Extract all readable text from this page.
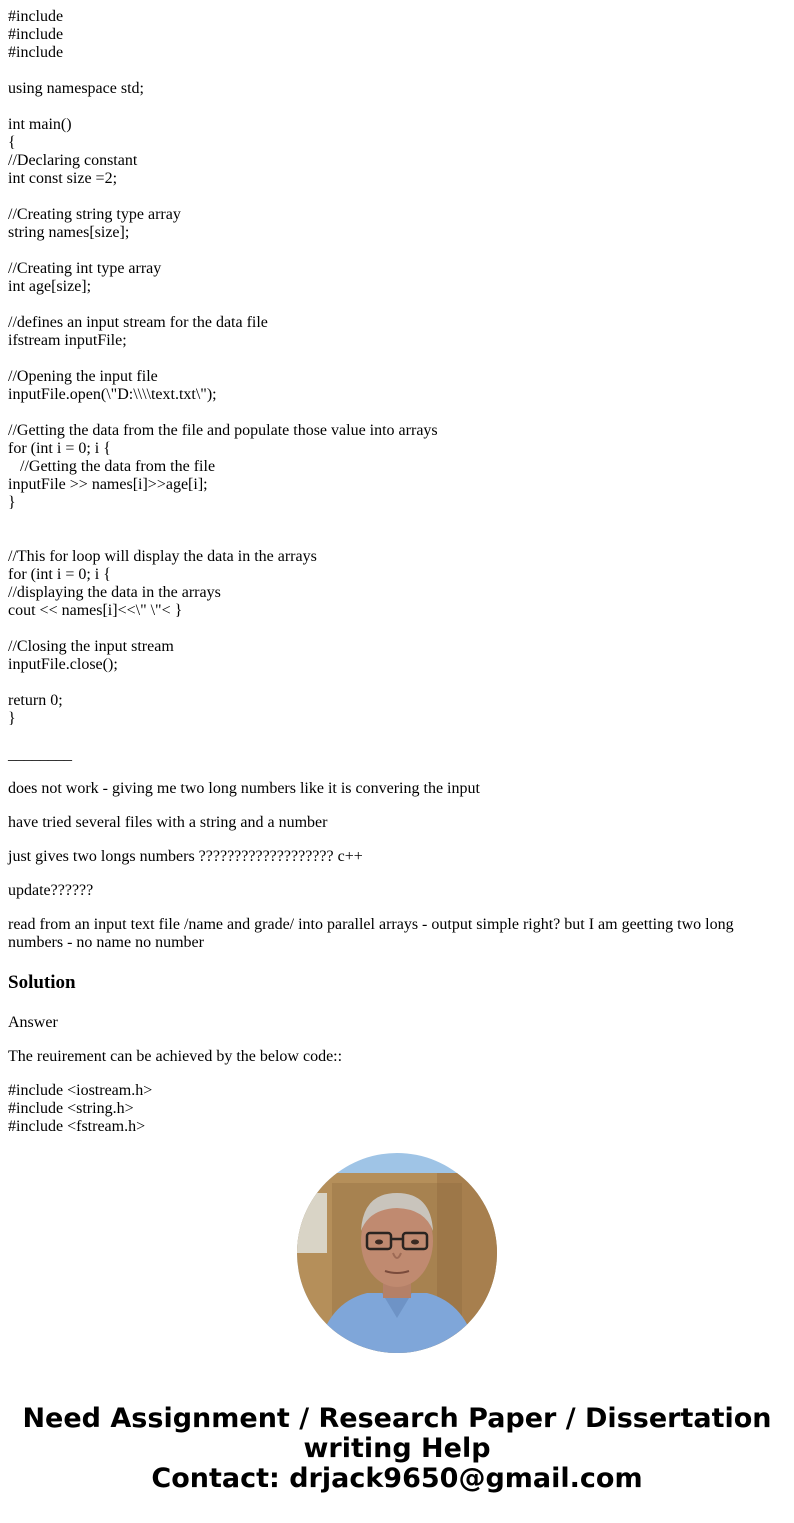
#include
#include
#include
using namespace std;
int main()
{
//Declaring constant
int const size =2;
//Creating string type array
string names[size];
//Creating int type array
int age[size];
//defines an input stream for the data file
ifstream inputFile;
//Opening the input file
inputFile.open(\"D:\\\\text.txt\");
//Getting the data from the file and populate those value into arrays
for (int i = 0; i {
//Getting the data from the file
inputFile >> names[i]>>age[i];
}
//This for loop will display the data in the arrays
for (int i = 0; i {
//displaying the data in the arrays
cout << names[i]<<\" \"< }
//Closing the input stream
inputFile.close();
return 0;
}
________
does not work - giving me two long numbers like it is convering the input
have tried several files with a string and a number
just gives two longs numbers ??????????????????? c++
update??????
read from an input text file /name and grade/ into parallel arrays - output simple right? but I am geetting two long numbers - no name no number
Solution
Answer
The reuirement can be achieved by the below code::
#include <iostream.h>
#include <string.h>
#include <fstream.h>
Need Assignment / Research Paper / Dissertation
writing Help
Contact: drjack9650@gmail.com
